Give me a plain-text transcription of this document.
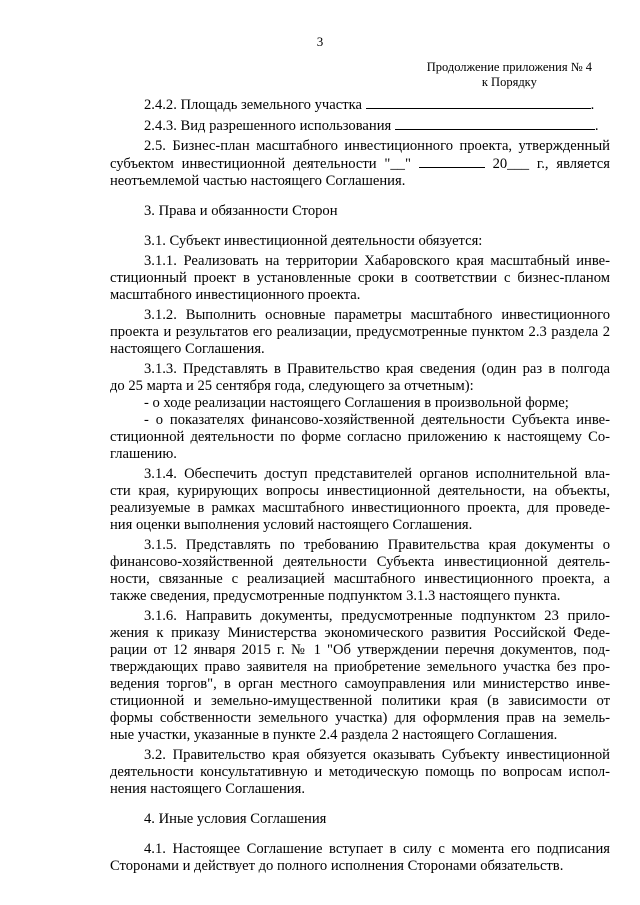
3
Продолжение приложения № 4
к Порядку
2.4.2. Площадь земельного участка	.
2.4.3. Вид разрешенного использования	.
2.5. Бизнес-план масштабного инвестиционного проекта, утвержденный
субъектом инвестиционной деятельности "__"	20___ г., является
неотъемлемой частью настоящего Соглашения.
3. Права и обязанности Сторон
3.1. Субъект инвестиционной деятельности обязуется:
3.1.1. Реализовать на территории Хабаровского края масштабный инве-
стиционный проект в установленные сроки в соответствии с бизнес-планом
масштабного инвестиционного проекта.
3.1.2. Выполнить основные параметры масштабного инвестиционного
проекта и результатов его реализации, предусмотренные пунктом 2.3 раздела 2
настоящего Соглашения.
3.1.3. Представлять в Правительство края сведения (один раз в полгода
до 25 марта и 25 сентября года, следующего за отчетным):
- о ходе реализации настоящего Соглашения в произвольной форме;
- о показателях финансово-хозяйственной деятельности Субъекта инве-
стиционной деятельности по форме согласно приложению к настоящему Со-
глашению.
3.1.4. Обеспечить доступ представителей органов исполнительной вла-
сти края, курирующих вопросы инвестиционной деятельности, на объекты,
реализуемые в рамках масштабного инвестиционного проекта, для проведе-
ния оценки выполнения условий настоящего Соглашения.
3.1.5. Представлять по требованию Правительства края документы о
финансово-хозяйственной деятельности Субъекта инвестиционной деятель-
ности, связанные с реализацией масштабного инвестиционного проекта, а
также сведения, предусмотренные подпунктом 3.1.3 настоящего пункта.
3.1.6. Направить документы, предусмотренные подпунктом 23 прило-
жения к приказу Министерства экономического развития Российской Феде-
рации от 12 января 2015 г. № 1 "Об утверждении перечня документов, под-
тверждающих право заявителя на приобретение земельного участка без про-
ведения торгов", в орган местного самоуправления или министерство инве-
стиционной и земельно-имущественной политики края (в зависимости от
формы собственности земельного участка) для оформления прав на земель-
ные участки, указанные в пункте 2.4 раздела 2 настоящего Соглашения.
3.2. Правительство края обязуется оказывать Субъекту инвестиционной
деятельности консультативную и методическую помощь по вопросам испол-
нения настоящего Соглашения.
4. Иные условия Соглашения
4.1. Настоящее Соглашение вступает в силу с момента его подписания
Сторонами и действует до полного исполнения Сторонами обязательств.
